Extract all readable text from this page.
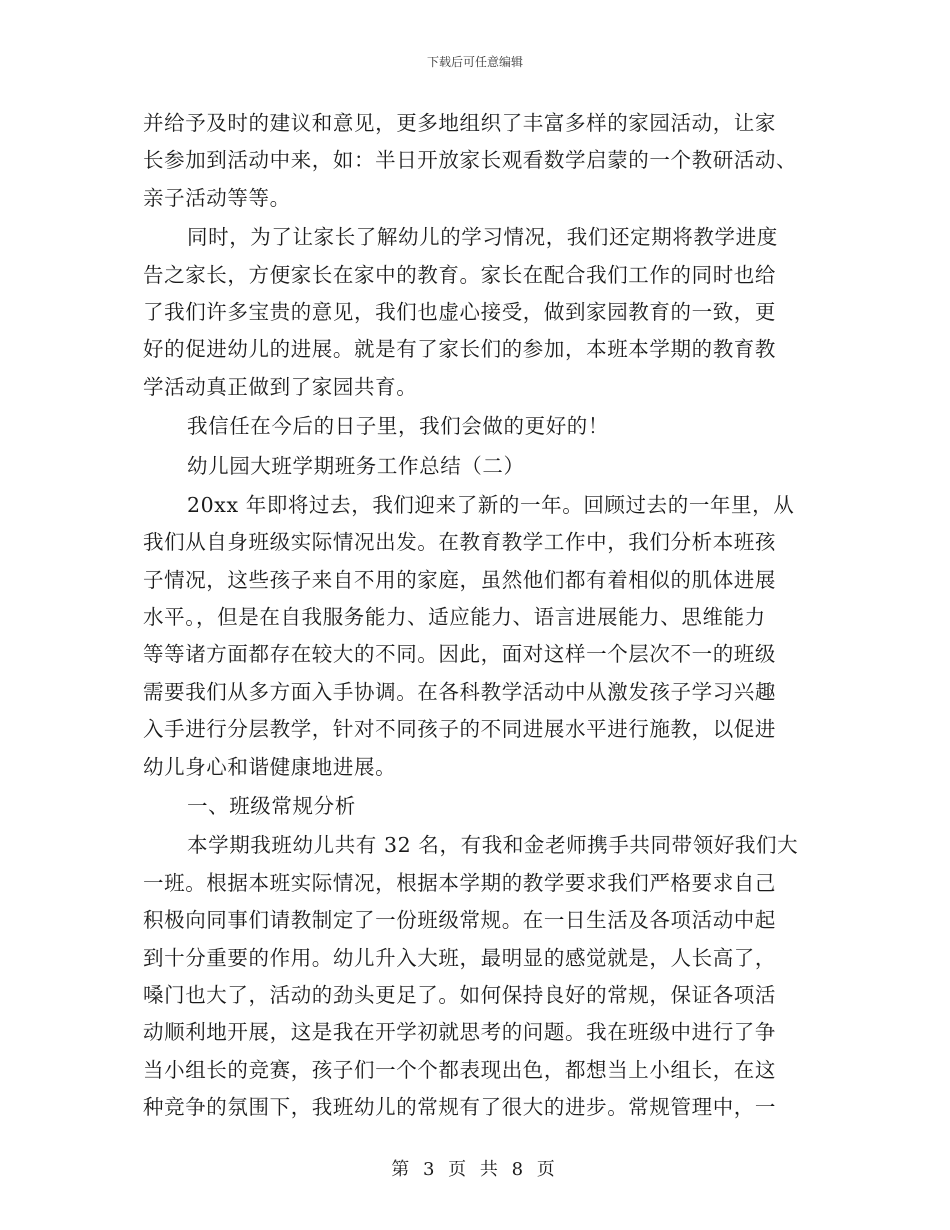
下载后可任意编辑
并给予及时的建议和意见，更多地组织了丰富多样的家园活动，让家
长参加到活动中来，如：半日开放家长观看数学启蒙的一个教研活动、
亲子活动等等。
同时，为了让家长了解幼儿的学习情况，我们还定期将教学进度
告之家长，方便家长在家中的教育。家长在配合我们工作的同时也给
了我们许多宝贵的意见，我们也虚心接受，做到家园教育的一致，更
好的促进幼儿的进展。就是有了家长们的参加，本班本学期的教育教
学活动真正做到了家园共育。
我信任在今后的日子里，我们会做的更好的！
幼儿园大班学期班务工作总结（二）
20xx 年即将过去，我们迎来了新的一年。回顾过去的一年里，从
我们从自身班级实际情况出发。在教育教学工作中，我们分析本班孩
子情况，这些孩子来自不用的家庭，虽然他们都有着相似的肌体进展
水平。，但是在自我服务能力、适应能力、语言进展能力、思维能力
等等诸方面都存在较大的不同。因此，面对这样一个层次不一的班级
需要我们从多方面入手协调。在各科教学活动中从激发孩子学习兴趣
入手进行分层教学，针对不同孩子的不同进展水平进行施教，以促进
幼儿身心和谐健康地进展。
一、班级常规分析
本学期我班幼儿共有 32 名，有我和金老师携手共同带领好我们大
一班。根据本班实际情况，根据本学期的教学要求我们严格要求自己
积极向同事们请教制定了一份班级常规。在一日生活及各项活动中起
到十分重要的作用。幼儿升入大班，最明显的感觉就是，人长高了，
嗓门也大了，活动的劲头更足了。如何保持良好的常规，保证各项活
动顺利地开展，这是我在开学初就思考的问题。我在班级中进行了争
当小组长的竞赛，孩子们一个个都表现出色，都想当上小组长，在这
种竞争的氛围下，我班幼儿的常规有了很大的进步。常规管理中，一
第 3 页 共 8 页
